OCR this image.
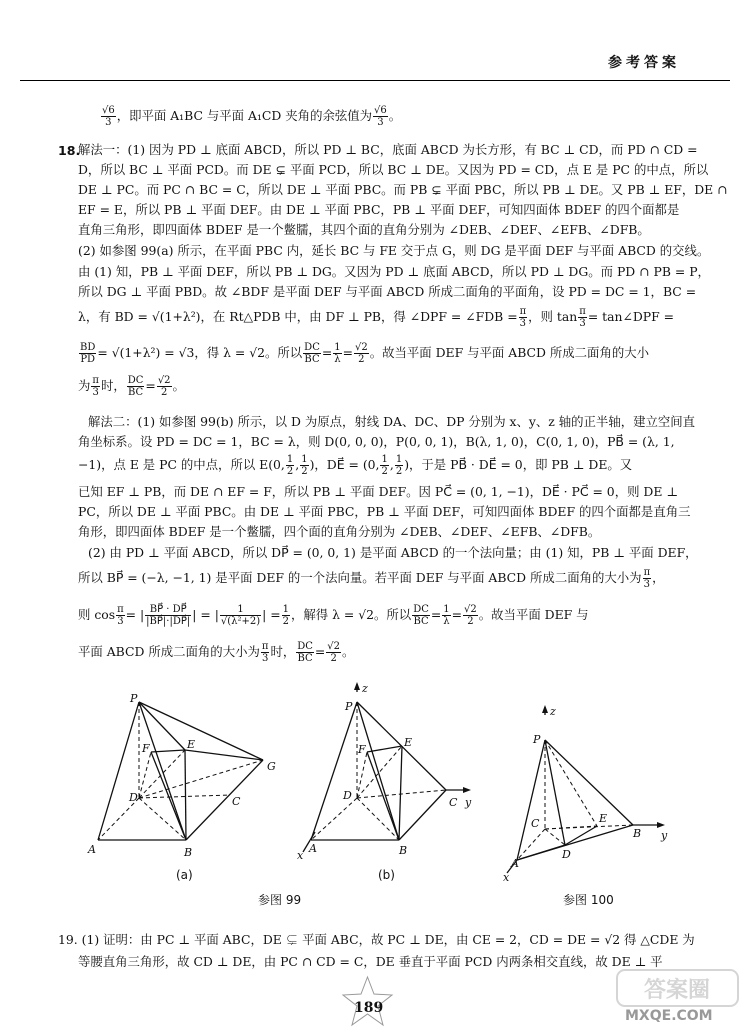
参考答案
$\frac{√6}{3}$ ，即平面 A₁BC 与平面 A₁CD 夹角的余弦值为 $\frac{√6}{3}$ 。
18.
解法一：(1) 因为 PD ⊥ 底面 ABCD，所以 PD ⊥ BC，底面 ABCD 为长方形，有 BC ⊥ CD，而 PD ∩ CD =
D，所以 BC ⊥ 平面 PCD。而 DE ⊊ 平面 PCD，所以 BC ⊥ DE。又因为 PD = CD，点 E 是 PC 的中点，所以
DE ⊥ PC。而 PC ∩ BC = C，所以 DE ⊥ 平面 PBC。而 PB ⊊ 平面 PBC，所以 PB ⊥ DE。又 PB ⊥ EF，DE ∩
EF = E，所以 PB ⊥ 平面 DEF。由 DE ⊥ 平面 PBC，PB ⊥ 平面 DEF，可知四面体 BDEF 的四个面都是
直角三角形，即四面体 BDEF 是一个鳖臑，其四个面的直角分别为 ∠DEB、∠DEF、∠EFB、∠DFB。
(2) 如参图 99(a) 所示，在平面 PBC 内，延长 BC 与 FE 交于点 G，则 DG 是平面 DEF 与平面 ABCD 的交线。
由 (1) 知，PB ⊥ 平面 DEF，所以 PB ⊥ DG。又因为 PD ⊥ 底面 ABCD，所以 PD ⊥ DG。而 PD ∩ PB = P，
所以 DG ⊥ 平面 PBD。故 ∠BDF 是平面 DEF 与平面 ABCD 所成二面角的平面角，设 PD = DC = 1，BC =
λ，有 BD = √(1+λ²)，在 Rt△PDB 中，由 DF ⊥ PB，得 ∠DPF = ∠FDB = $\frac{\pi}{3}$ ，则 $\tan \frac{\pi}{3}$ = tan∠DPF =
$\frac{BD}{PD} = √(1+\lambda^2) = √3$，得 λ = √2。所以 $\frac{DC}{BC} = \frac{1}{\lambda} = \frac{√2}{2}$ 。故当平面 DEF 与平面 ABCD 所成二面角的大小
为 $\frac{\pi}{3}$ 时， $\frac{DC}{BC} = \frac{√2}{2}$ 。
解法二：(1) 如参图 99(b) 所示，以 D 为原点，射线 DA、DC、DP 分别为 x、y、z 轴的正半轴，建立空间直
角坐标系。设 PD = DC = 1，BC = λ，则 D(0, 0, 0)，P(0, 0, 1)，B(λ, 1, 0)，C(0, 1, 0)，PB⃗ = (λ, 1,
−1)，点 E 是 PC 的中点，所以 E(0, $\frac{1}{2}$ , $\frac{1}{2}$ )，DE⃗ = (0, $\frac{1}{2}$ , $\frac{1}{2}$ )，于是 PB⃗ · DE⃗ = 0，即 PB ⊥ DE。又
已知 EF ⊥ PB，而 DE ∩ EF = F，所以 PB ⊥ 平面 DEF。因 PC⃗ = (0, 1, −1)，DE⃗ · PC⃗ = 0，则 DE ⊥
PC，所以 DE ⊥ 平面 PBC。由 DE ⊥ 平面 PBC，PB ⊥ 平面 DEF，可知四面体 BDEF 的四个面都是直角三
角形，即四面体 BDEF 是一个鳖臑，四个面的直角分别为 ∠DEB、∠DEF、∠EFB、∠DFB。
(2) 由 PD ⊥ 平面 ABCD，所以 DP⃗ = (0, 0, 1) 是平面 ABCD 的一个法向量；由 (1) 知，PB ⊥ 平面 DEF，
所以 BP⃗ = (−λ, −1, 1) 是平面 DEF 的一个法向量。若平面 DEF 与平面 ABCD 所成二面角的大小为 $\frac{\pi}{3}$ ，
则 $\cos \frac{\pi}{3}$ = | $\frac{BP⃗ \cdot DP⃗}{|BP⃗|\cdot|DP⃗|}$ | = | $\frac{1}{\text{√(λ²+2)}}$ | = $\frac{1}{2}$ ，解得 λ = √2。所以 $\frac{DC}{BC} = \frac{1}{\lambda} = \frac{√2}{2}$ 。故当平面 DEF 与
平面 ABCD 所成二面角的大小为 $\frac{\pi}{3}$ 时， $\frac{DC}{BC} = \frac{√2}{2}$ 。
P
F	E
G
D	C
A	B
(a)
z
P
F
E
D
C y
A	B
x
(b)
参图 99
z
P
C	E
B y
A
D
x
参图 100
19. (1) 证明：由 PC ⊥ 平面 ABC，DE ⊊ 平面 ABC，故 PC ⊥ DE，由 CE = 2，CD = DE = √2 得 △CDE 为
等腰直角三角形，故 CD ⊥ DE，由 PC ∩ CD = C，DE 垂直于平面 PCD 内两条相交直线，故 DE ⊥ 平
189
答案圈
MXQE.COM
